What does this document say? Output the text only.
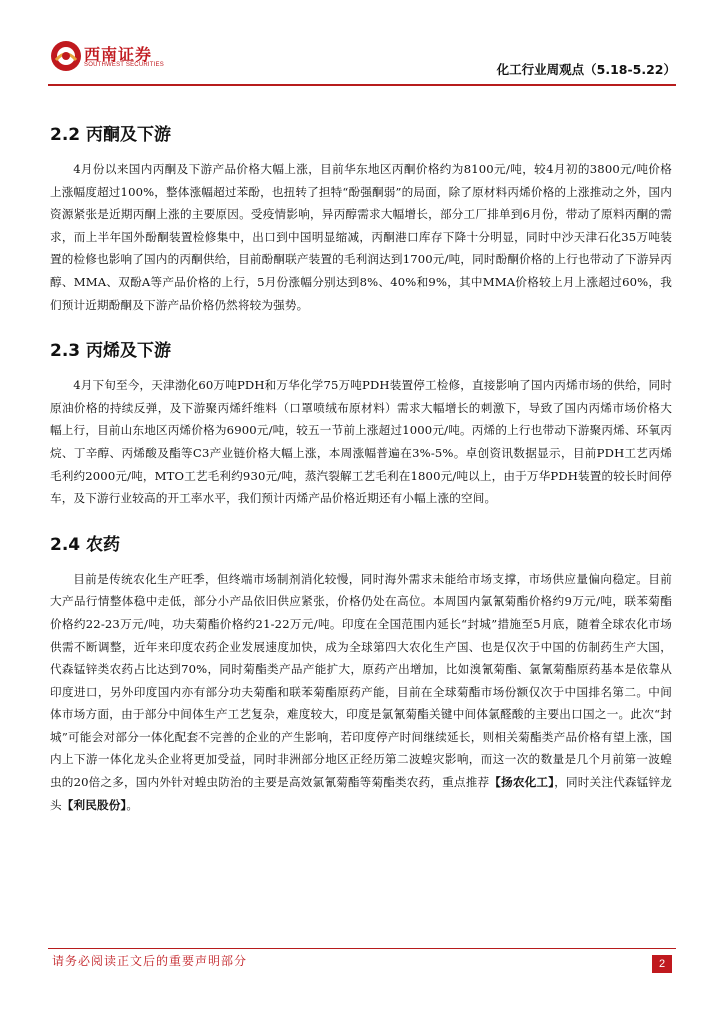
西南证券
SOUTHWEST SECURITIES	化工行业周观点（5.18-5.22）
2.2 丙酮及下游

4月份以来国内丙酮及下游产品价格大幅上涨，目前华东地区丙酮价格约为8100元/吨，较4月初的3800元/吨价格上涨幅度超过100%，整体涨幅超过苯酚，也扭转了担特“酚强酮弱”的局面，除了原材料丙烯价格的上涨推动之外，国内资源紧张是近期丙酮上涨的主要原因。受疫情影响，异丙醇需求大幅增长，部分工厂排单到6月份，带动了原料丙酮的需求，而上半年国外酚酮装置检修集中，出口到中国明显缩减，丙酮港口库存下降十分明显，同时中沙天津石化35万吨装置的检修也影响了国内的丙酮供给，目前酚酮联产装置的毛利润达到1700元/吨，同时酚酮价格的上行也带动了下游异丙醇、MMA、双酚A等产品价格的上行，5月份涨幅分别达到8%、40%和9%，其中MMA价格较上月上涨超过60%，我们预计近期酚酮及下游产品价格仍然将较为强势。

2.3 丙烯及下游

4月下旬至今，天津渤化60万吨PDH和万华化学75万吨PDH装置停工检修，直接影响了国内丙烯市场的供给，同时原油价格的持续反弹，及下游聚丙烯纤维料（口罩喷绒布原材料）需求大幅增长的刺激下，导致了国内丙烯市场价格大幅上行，目前山东地区丙烯价格为6900元/吨，较五一节前上涨超过1000元/吨。丙烯的上行也带动下游聚丙烯、环氧丙烷、丁辛醇、丙烯酸及酯等C3产业链价格大幅上涨，本周涨幅普遍在3%-5%。卓创资讯数据显示，目前PDH工艺丙烯毛利约2000元/吨，MTO工艺毛利约930元/吨，蒸汽裂解工艺毛利在1800元/吨以上，由于万华PDH装置的较长时间停车，及下游行业较高的开工率水平，我们预计丙烯产品价格近期还有小幅上涨的空间。

2.4 农药

目前是传统农化生产旺季，但终端市场制剂消化较慢，同时海外需求未能给市场支撑，市场供应量偏向稳定。目前大产品行情整体稳中走低，部分小产品依旧供应紧张，价格仍处在高位。本周国内氯氰菊酯价格约9万元/吨，联苯菊酯价格约22-23万元/吨，功夫菊酯价格约21-22万元/吨。印度在全国范围内延长“封城”措施至5月底，随着全球农化市场供需不断调整，近年来印度农药企业发展速度加快，成为全球第四大农化生产国、也是仅次于中国的仿制药生产大国，代森锰锌类农药占比达到70%，同时菊酯类产品产能扩大，原药产出增加，比如溴氰菊酯、氯氰菊酯原药基本是依靠从印度进口，另外印度国内亦有部分功夫菊酯和联苯菊酯原药产能，目前在全球菊酯市场份额仅次于中国排名第二。中间体市场方面，由于部分中间体生产工艺复杂，难度较大，印度是氯氰菊酯关键中间体氯醛酸的主要出口国之一。此次“封城”可能会对部分一体化配套不完善的企业的产生影响，若印度停产时间继续延长，则相关菊酯类产品价格有望上涨，国内上下游一体化龙头企业将更加受益，同时非洲部分地区正经历第二波蝗灾影响，而这一次的数量是几个月前第一波蝗虫的20倍之多，国内外针对蝗虫防治的主要是高效氯氰菊酯等菊酯类农药，重点推荐【扬农化工】，同时关注代森锰锌龙头【利民股份】。

请务必阅读正文后的重要声明部分	2
